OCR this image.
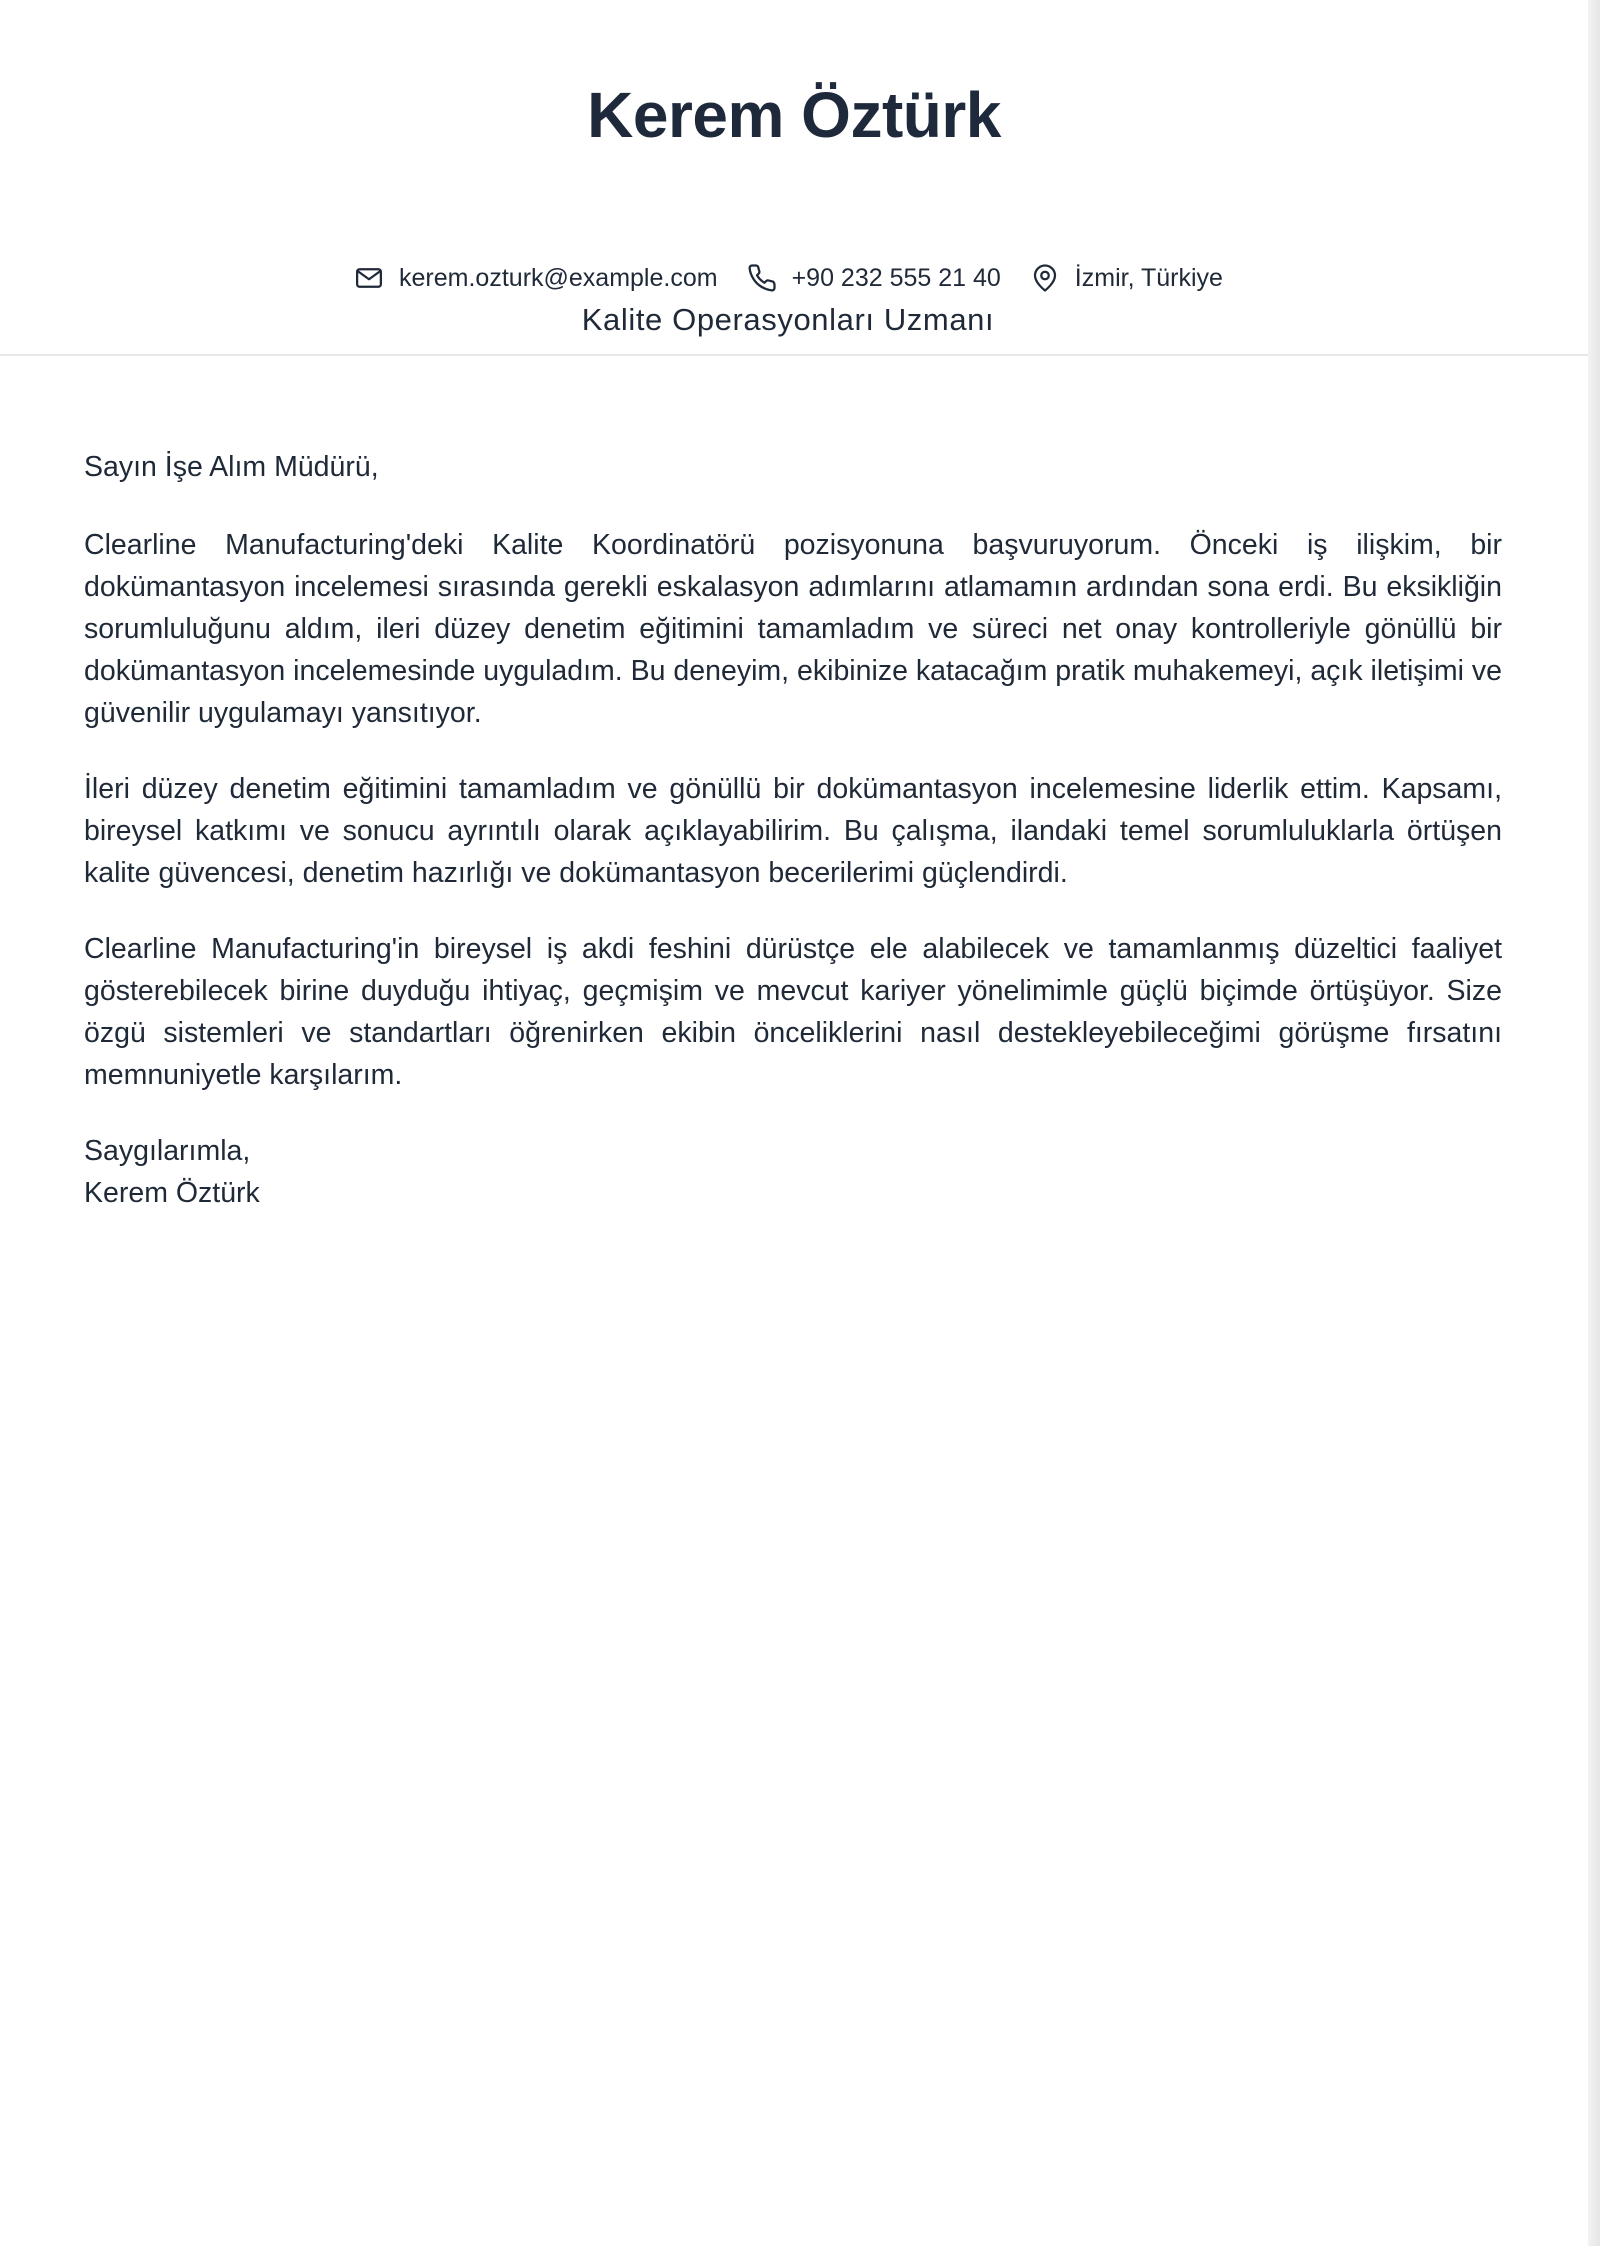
Kerem Öztürk
Kalite Operasyonları Uzmanı
kerem.ozturk@example.com	+90 232 555 21 40	İzmir, Türkiye

Sayın İşe Alım Müdürü,

Clearline Manufacturing'deki Kalite Koordinatörü pozisyonuna başvuruyorum. Önceki iş ilişkim, bir dokümantasyon incelemesi sırasında gerekli eskalasyon adımlarını atlamamın ardından sona erdi. Bu eksikliğin sorumluluğunu aldım, ileri düzey denetim eğitimini tamamladım ve süreci net onay kontrolleriyle gönüllü bir dokümantasyon incelemesinde uyguladım. Bu deneyim, ekibinize katacağım pratik muhakemeyi, açık iletişimi ve güvenilir uygulamayı yansıtıyor.

İleri düzey denetim eğitimini tamamladım ve gönüllü bir dokümantasyon incelemesine liderlik ettim. Kapsamı, bireysel katkımı ve sonucu ayrıntılı olarak açıklayabilirim. Bu çalışma, ilandaki temel sorumluluklarla örtüşen kalite güvencesi, denetim hazırlığı ve dokümantasyon becerilerimi güçlendirdi.

Clearline Manufacturing'in bireysel iş akdi feshini dürüstçe ele alabilecek ve tamamlanmış düzeltici faaliyet gösterebilecek birine duyduğu ihtiyaç, geçmişim ve mevcut kariyer yönelimimle güçlü biçimde örtüşüyor. Size özgü sistemleri ve standartları öğrenirken ekibin önceliklerini nasıl destekleyebileceğimi görüşme fırsatını memnuniyetle karşılarım.

Saygılarımla,

Kerem Öztürk
